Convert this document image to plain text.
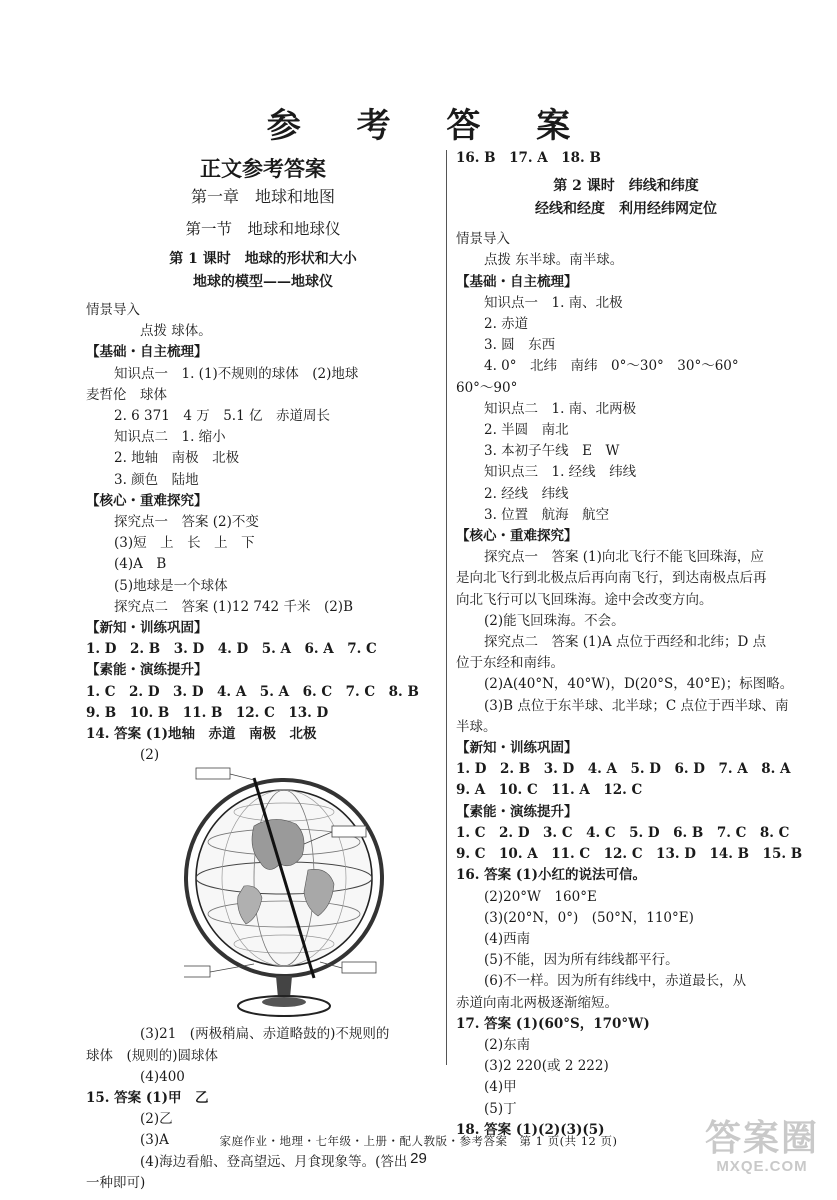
参 考 答 案
正文参考答案
第一章　地球和地图
第一节　地球和地球仪
第 1 课时　地球的形状和大小
地球的模型——地球仪
情景导入
点拨 球体。
【基础・自主梳理】
知识点一　1. (1)不规则的球体　(2)地球
麦哲伦　球体
2. 6 371　4 万　5.1 亿　赤道周长
知识点二　1. 缩小
2. 地轴　南极　北极
3. 颜色　陆地
【核心・重难探究】
探究点一　答案 (2)不变
(3)短　上　长　上　下
(4)A　B
(5)地球是一个球体
探究点二　答案 (1)12 742 千米　(2)B
【新知・训练巩固】
1. D　2. B　3. D　4. D　5. A　6. A　7. C
【素能・演练提升】
1. C　2. D　3. D　4. A　5. A　6. C　7. C　8. B
9. B　10. B　11. B　12. C　13. D
14. 答案 (1)地轴　赤道　南极　北极
(2)
(3)21　(两极稍扁、赤道略鼓的)不规则的
球体　(规则的)圆球体
(4)400
15. 答案 (1)甲　乙
(2)乙
(3)A
(4)海边看船、登高望远、月食现象等。(答出
一种即可)
16. B　17. A　18. B
第 2 课时　纬线和纬度
经线和经度　利用经纬网定位
情景导入
点拨 东半球。南半球。
【基础・自主梳理】
知识点一　1. 南、北极
2. 赤道
3. 圆　东西
4. 0°　北纬　南纬　0°～30°　30°～60°
60°～90°
知识点二　1. 南、北两极
2. 半圆　南北
3. 本初子午线　E　W
知识点三　1. 经线　纬线
2. 经线　纬线
3. 位置　航海　航空
【核心・重难探究】
探究点一　答案 (1)向北飞行不能飞回珠海，应
是向北飞行到北极点后再向南飞行，到达南极点后再
向北飞行可以飞回珠海。途中会改变方向。
(2)能飞回珠海。不会。
探究点二　答案 (1)A 点位于西经和北纬；D 点
位于东经和南纬。
(2)A(40°N，40°W)，D(20°S，40°E)；标图略。
(3)B 点位于东半球、北半球；C 点位于西半球、南
半球。
【新知・训练巩固】
1. D　2. B　3. D　4. A　5. D　6. D　7. A　8. A
9. A　10. C　11. A　12. C
【素能・演练提升】
1. C　2. D　3. C　4. C　5. D　6. B　7. C　8. C
9. C　10. A　11. C　12. C　13. D　14. B　15. B
16. 答案 (1)小红的说法可信。
(2)20°W　160°E
(3)(20°N，0°)　(50°N，110°E)
(4)西南
(5)不能，因为所有纬线都平行。
(6)不一样。因为所有纬线中，赤道最长，从
赤道向南北两极逐渐缩短。
17. 答案 (1)(60°S，170°W)
(2)东南
(3)2 220(或 2 222)
(4)甲
(5)丁
18. 答案 (1)(2)(3)(5)
家庭作业・地理・七年级・上册・配人教版・参考答案　第 1 页(共 12 页)
29
答案圈
MXQE.COM
